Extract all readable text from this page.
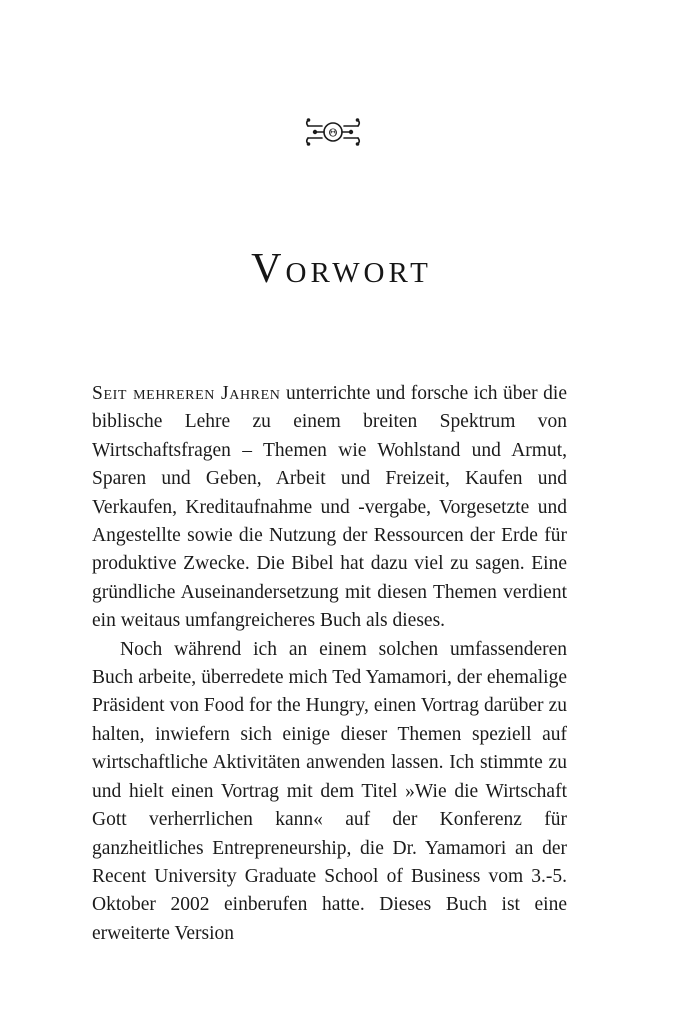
Θ
Vorwort

Seit mehreren Jahren unterrichte und forsche ich über die biblische Lehre zu einem breiten Spektrum von Wirtschaftsfragen – Themen wie Wohlstand und Armut, Sparen und Geben, Arbeit und Freizeit, Kaufen und Verkaufen, Kreditaufnahme und -vergabe, Vorgesetzte und Angestellte sowie die Nutzung der Ressourcen der Erde für produktive Zwecke. Die Bibel hat dazu viel zu sagen. Eine gründliche Auseinandersetzung mit diesen Themen verdient ein weitaus umfangreicheres Buch als dieses.

Noch während ich an einem solchen umfassenderen Buch arbeite, überredete mich Ted Yamamori, der ehemalige Präsident von Food for the Hungry, einen Vortrag darüber zu halten, inwiefern sich einige dieser Themen speziell auf wirtschaftliche Aktivitäten anwenden lassen. Ich stimmte zu und hielt einen Vortrag mit dem Titel »Wie die Wirtschaft Gott verherrlichen kann« auf der Konferenz für ganzheitliches Entrepreneurship, die Dr. Yamamori an der Recent University Graduate School of Business vom 3.-5. Oktober 2002 einberufen hatte. Dieses Buch ist eine erweiterte Version
